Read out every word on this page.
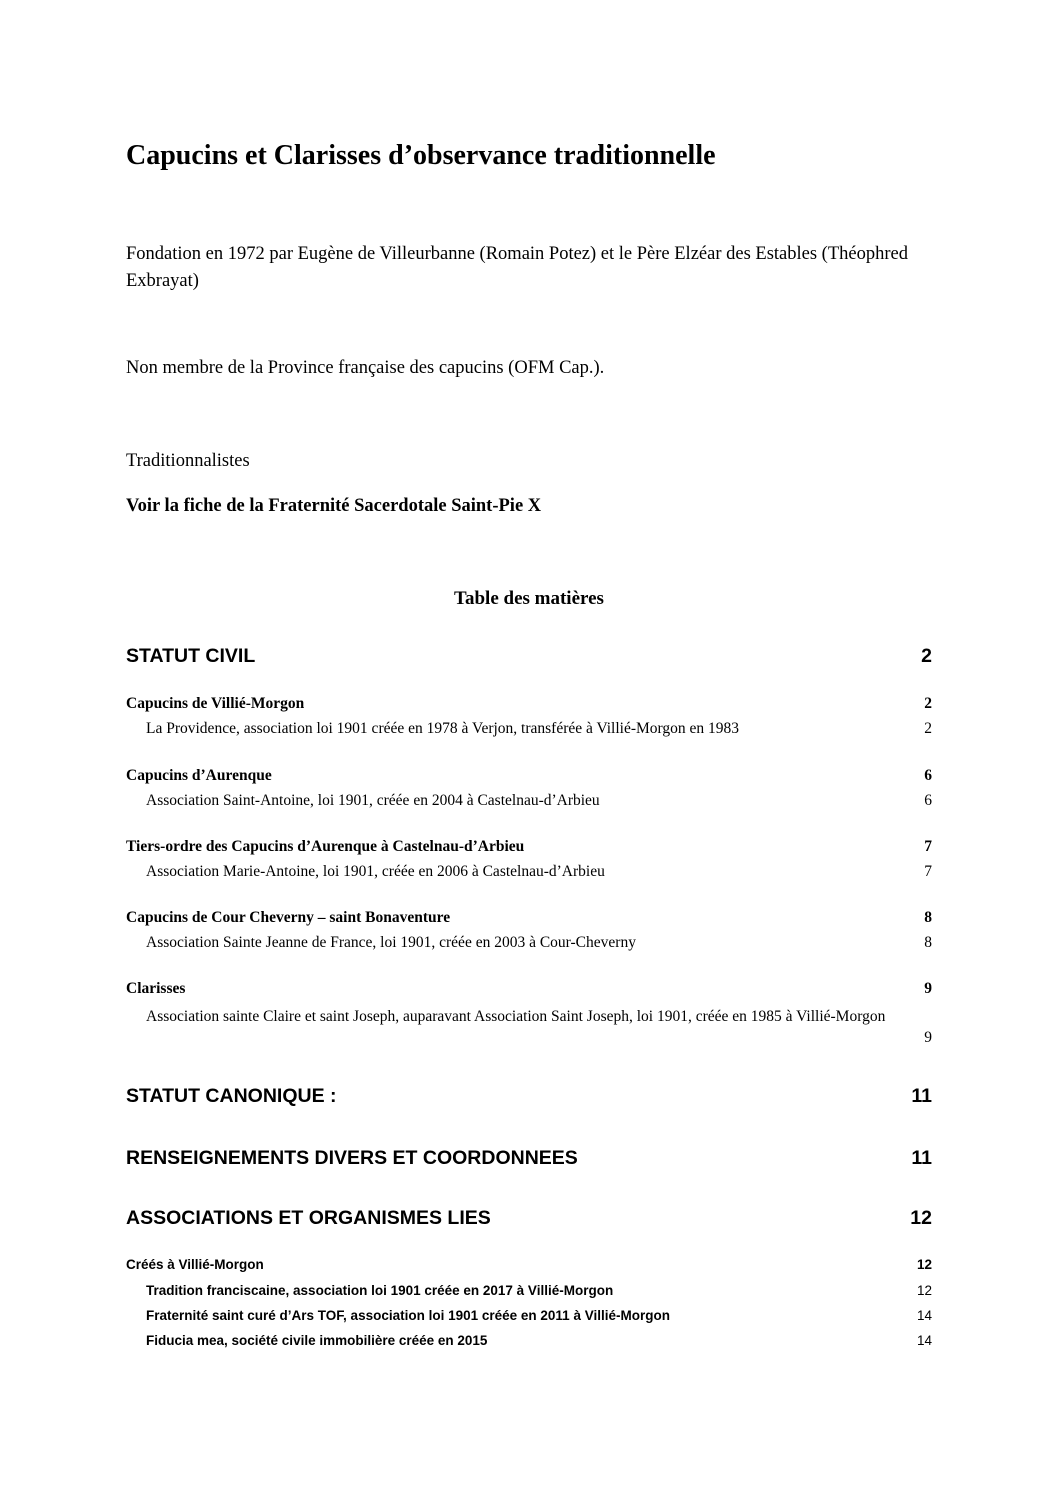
Capucins et Clarisses d’observance traditionnelle
Fondation en 1972 par Eugène de Villeurbanne (Romain Potez) et le Père Elzéar des Estables (Théophred Exbrayat)
Non membre de la Province française des capucins (OFM Cap.).
Traditionnalistes
Voir la fiche de la Fraternité Sacerdotale Saint-Pie X
Table des matières
STATUT CIVIL	2
Capucins de Villié-Morgon	2
La Providence, association loi 1901 créée en 1978 à Verjon, transférée à Villié-Morgon en 1983	2
Capucins d’Aurenque	6
Association Saint-Antoine, loi 1901, créée en 2004 à Castelnau-d’Arbieu	6
Tiers-ordre des Capucins d’Aurenque à Castelnau-d’Arbieu	7
Association Marie-Antoine, loi 1901, créée en 2006 à Castelnau-d’Arbieu	7
Capucins de Cour Cheverny – saint Bonaventure	8
Association Sainte Jeanne de France, loi 1901, créée en 2003 à Cour-Cheverny	8
Clarisses	9
Association sainte Claire et saint Joseph, auparavant Association Saint Joseph, loi 1901, créée en 1985 à Villié-Morgon
9
STATUT CANONIQUE :	11
RENSEIGNEMENTS DIVERS ET COORDONNEES	11
ASSOCIATIONS ET ORGANISMES LIES	12
Créés à Villié-Morgon	12
Tradition franciscaine, association loi 1901 créée en 2017 à Villié-Morgon	12
Fraternité saint curé d’Ars TOF, association loi 1901 créée en 2011 à Villié-Morgon	14
Fiducia mea, société civile immobilière créée en 2015	14
